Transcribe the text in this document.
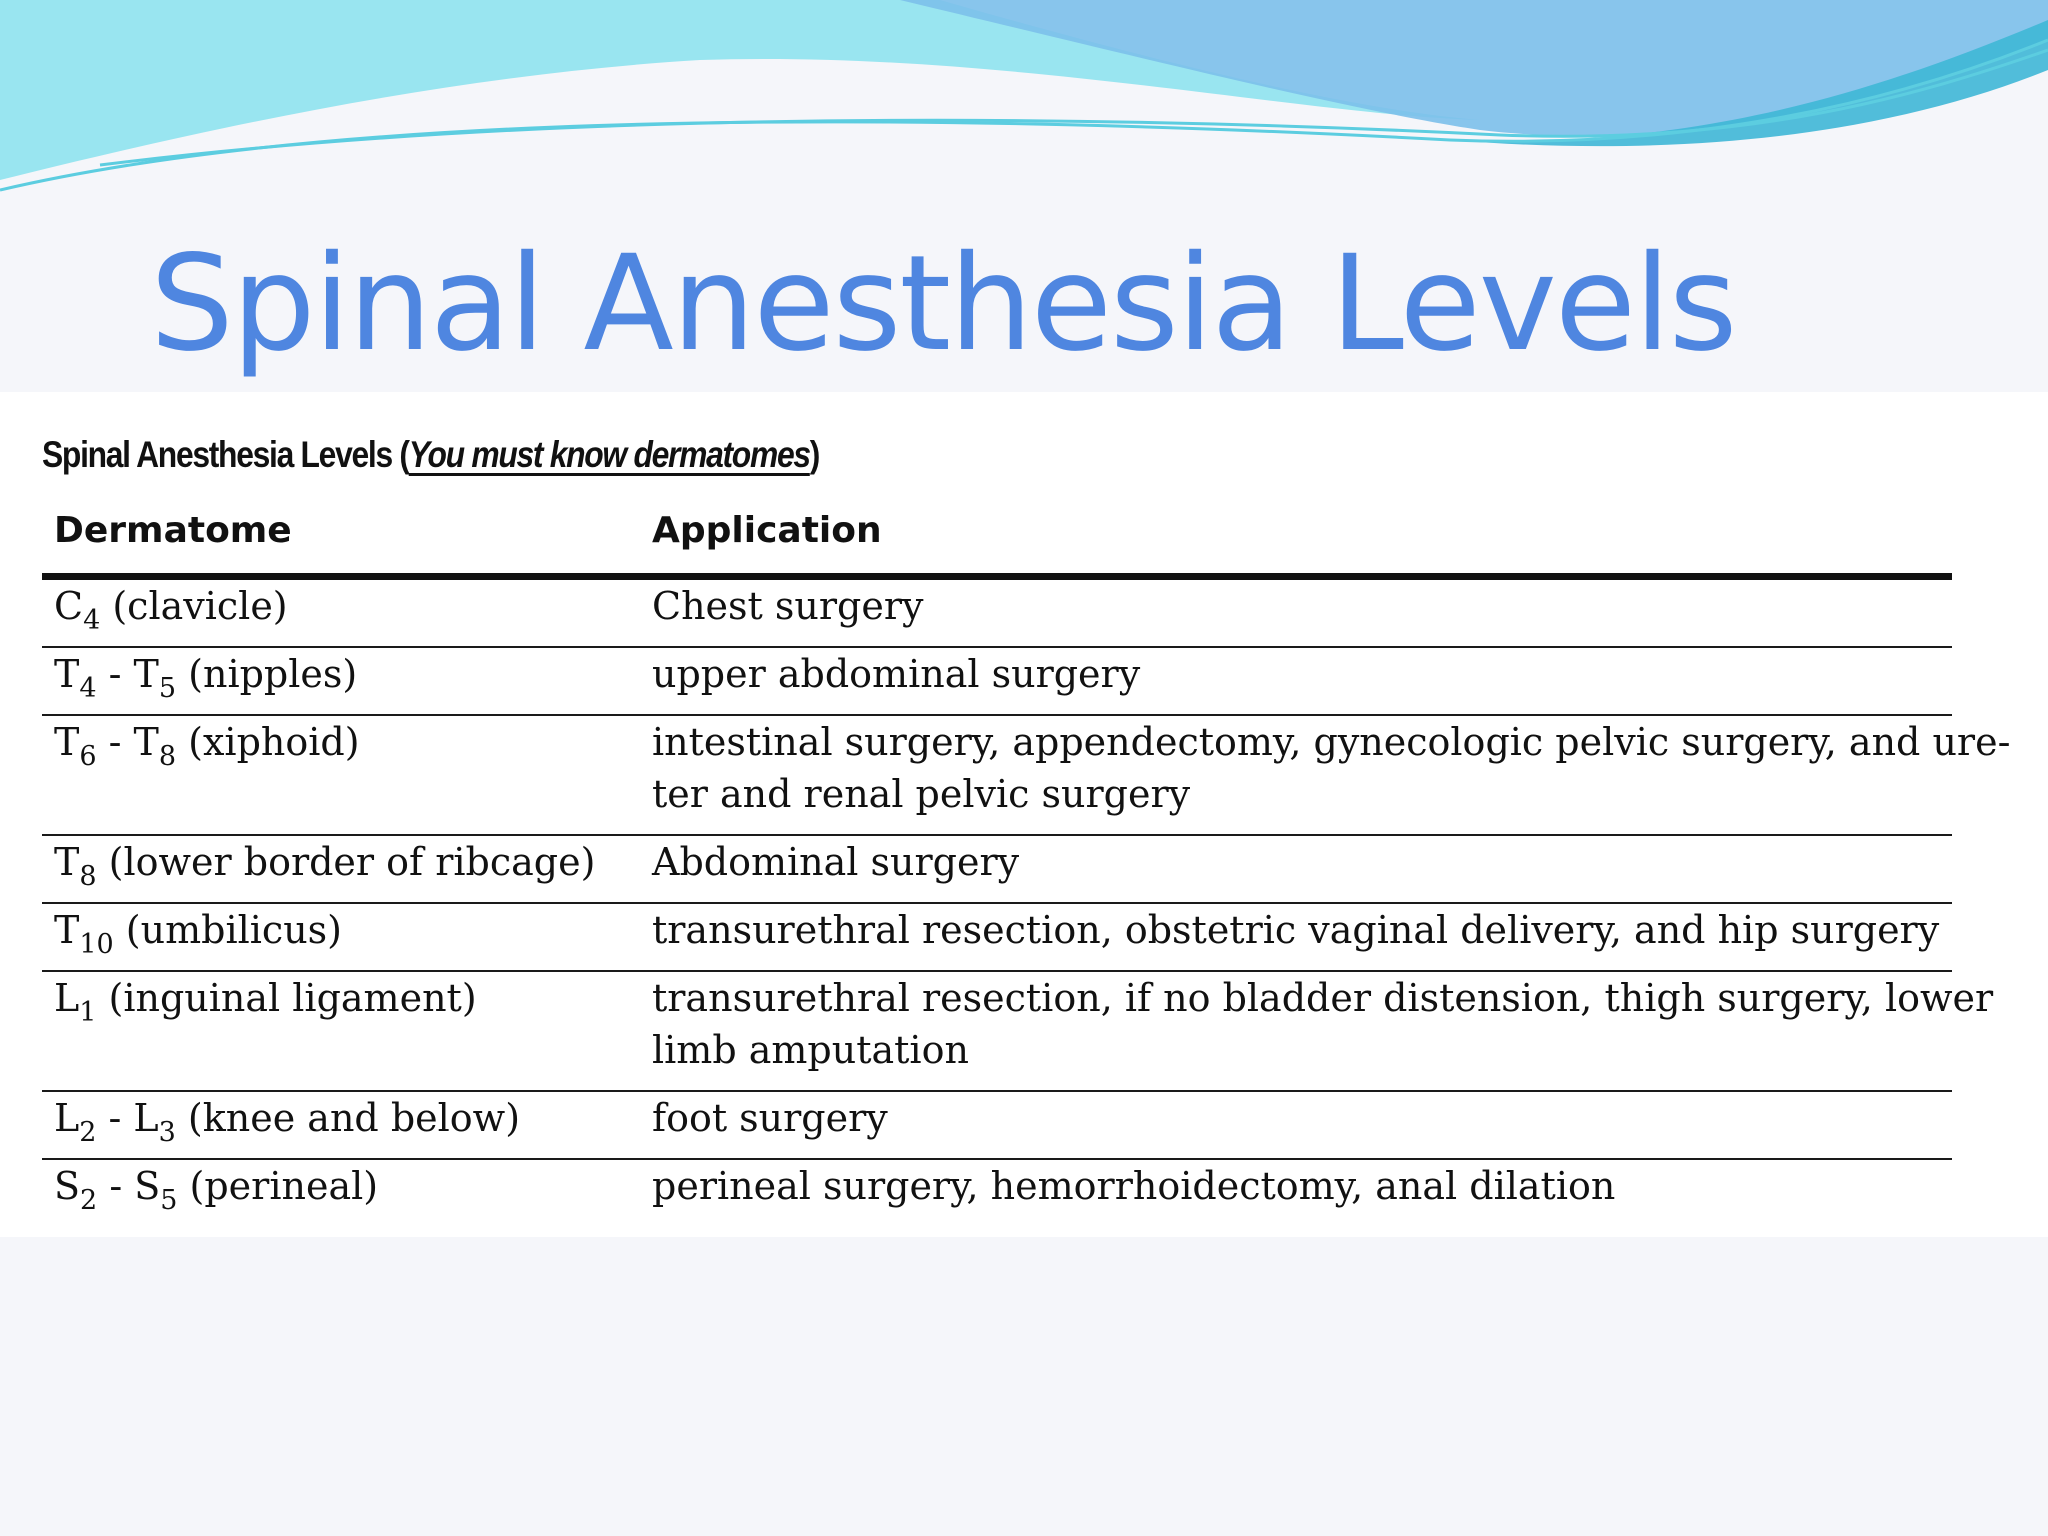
Spinal Anesthesia Levels
Spinal Anesthesia Levels (You must know dermatomes)
Dermatome	Application
$C_4$ (clavicle)	Chest surgery
$T_4 - T_5$ (nipples)	upper abdominal surgery
$T_6 - T_8$ (xiphoid)	intestinal surgery, appendectomy, gynecologic pelvic surgery, and ure-
ter and renal pelvic surgery
$T_8$ (lower border of ribcage) Abdominal surgery
$T_{10}$ (umbilicus)	transurethral resection, obstetric vaginal delivery, and hip surgery
$L_1$ (inguinal ligament)	transurethral resection, if no bladder distension, thigh surgery, lower
limb amputation
$L_2 - L_3$ (knee and below)	foot surgery
$S_2 - S_5$ (perineal)	perineal surgery, hemorrhoidectomy, anal dilation
